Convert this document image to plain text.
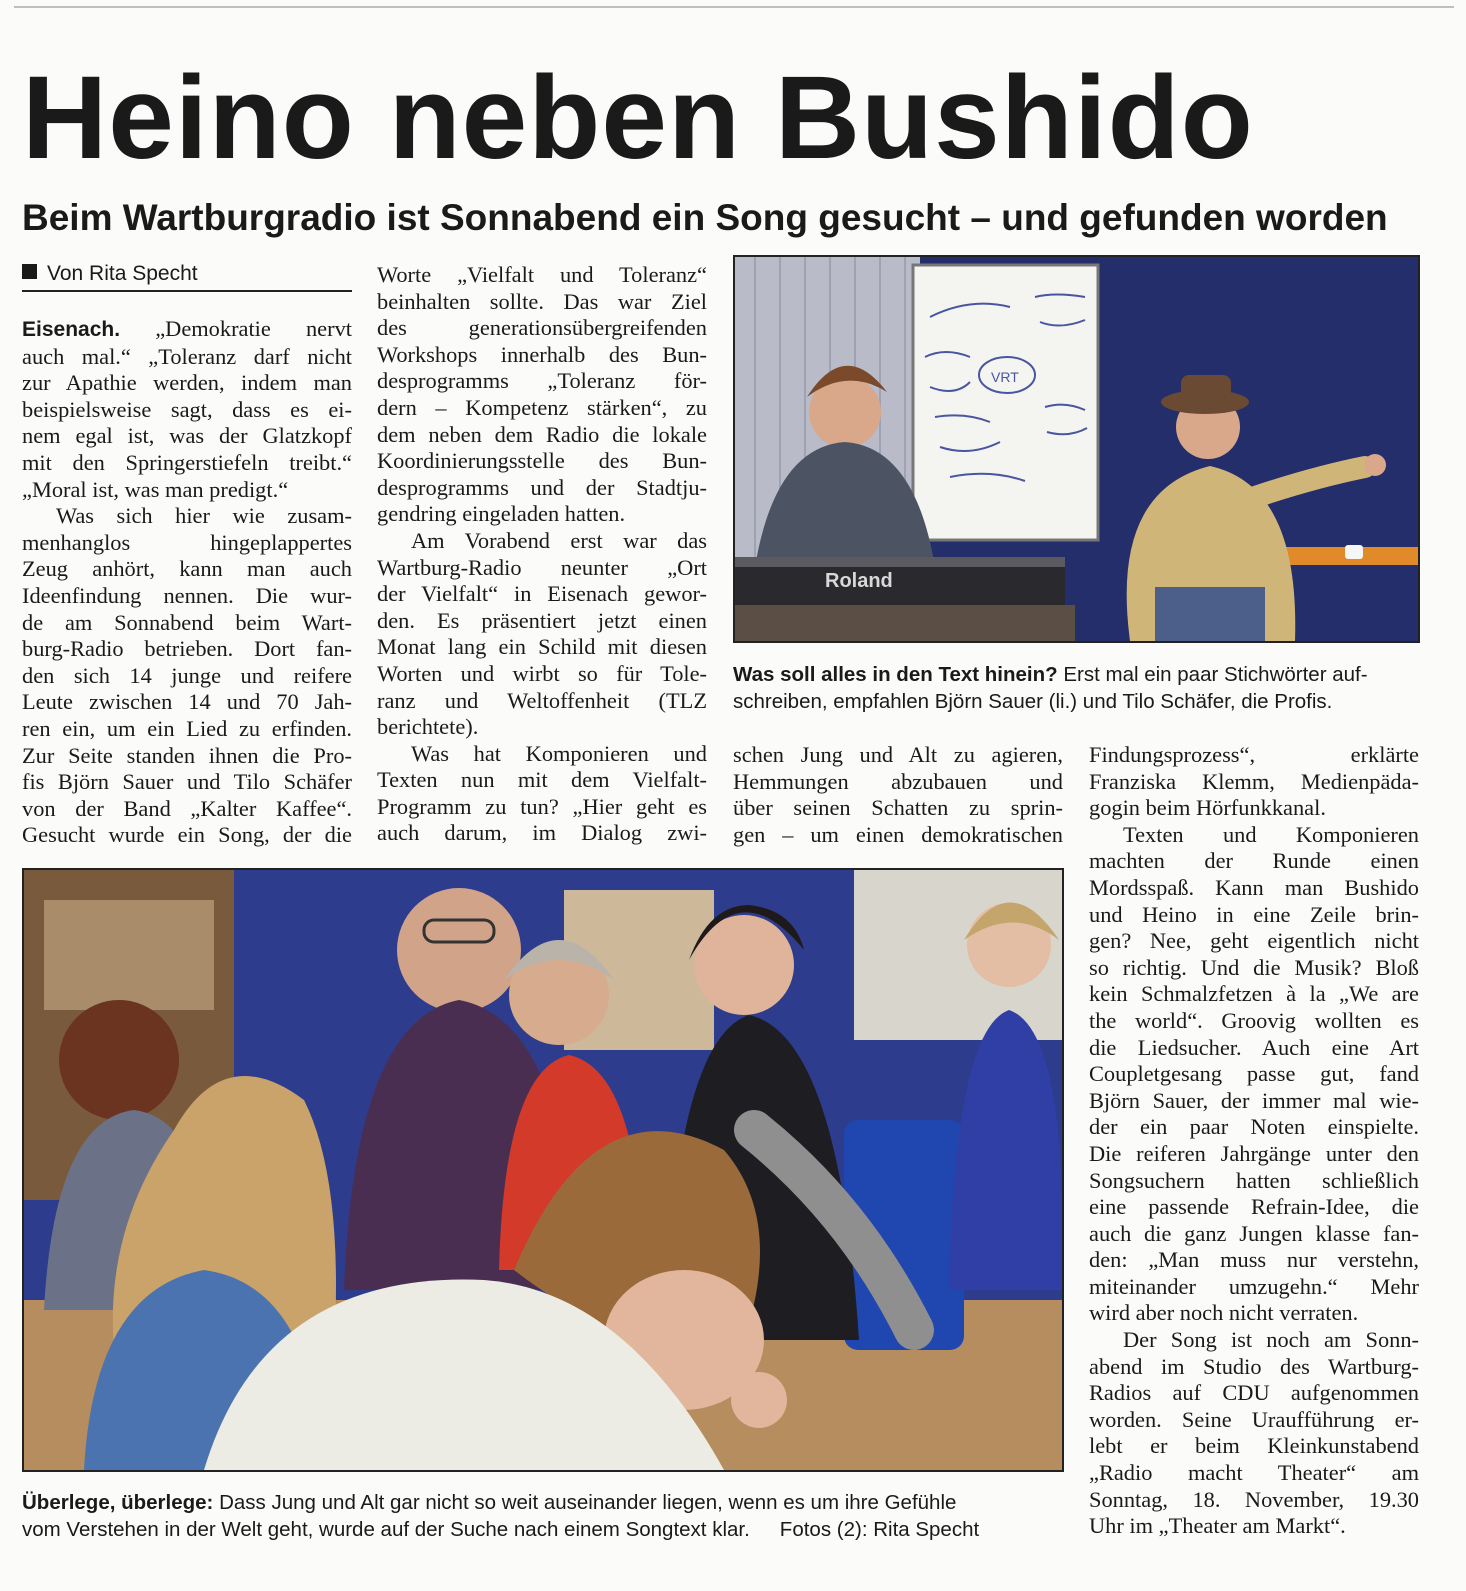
Heino neben Bushido
Beim Wartburgradio ist Sonnabend ein Song gesucht – und gefunden worden
Von Rita Specht

Eisenach. „Demokratie nervt

auch mal.“ „Toleranz darf nicht

zur Apathie werden, indem man

beispielsweise sagt, dass es ei-

nem egal ist, was der Glatzkopf

mit den Springerstiefeln treibt.“

„Moral ist, was man predigt.“

Was sich hier wie zusam-

menhanglos hingeplappertes

Zeug anhört, kann man auch

Ideenfindung nennen. Die wur-

de am Sonnabend beim Wart-

burg-Radio betrieben. Dort fan-

den sich 14 junge und reifere

Leute zwischen 14 und 70 Jah-

ren ein, um ein Lied zu erfinden.

Zur Seite standen ihnen die Pro-

fis Björn Sauer und Tilo Schäfer

von der Band „Kalter Kaffee“.

Gesucht wurde ein Song, der die

Worte „Vielfalt und Toleranz“

beinhalten sollte. Das war Ziel

des generationsübergreifenden

Workshops innerhalb des Bun-

desprogramms „Toleranz för-

dern – Kompetenz stärken“, zu

dem neben dem Radio die lokale

Koordinierungsstelle des Bun-

desprogramms und der Stadtju-

gendring eingeladen hatten.

Am Vorabend erst war das

Wartburg-Radio neunter „Ort

der Vielfalt“ in Eisenach gewor-

den. Es präsentiert jetzt einen

Monat lang ein Schild mit diesen

Worten und wirbt so für Tole-

ranz und Weltoffenheit (TLZ

berichtete).

Was hat Komponieren und

Texten nun mit dem Vielfalt-

Programm zu tun? „Hier geht es

auch darum, im Dialog zwi-

schen Jung und Alt zu agieren,

Hemmungen abzubauen und

über seinen Schatten zu sprin-

gen – um einen demokratischen

Findungsprozess“, erklärte

Franziska Klemm, Medienpäda-

gogin beim Hörfunkkanal.

Texten und Komponieren

machten der Runde einen

Mordsspaß. Kann man Bushido

und Heino in eine Zeile brin-

gen? Nee, geht eigentlich nicht

so richtig. Und die Musik? Bloß

kein Schmalzfetzen à la „We are

the world“. Groovig wollten es

die Liedsucher. Auch eine Art

Coupletgesang passe gut, fand

Björn Sauer, der immer mal wie-

der ein paar Noten einspielte.

Die reiferen Jahrgänge unter den

Songsuchern hatten schließlich

eine passende Refrain-Idee, die

auch die ganz Jungen klasse fan-

den: „Man muss nur verstehn,

miteinander umzugehn.“ Mehr

wird aber noch nicht verraten.

Der Song ist noch am Sonn-

abend im Studio des Wartburg-

Radios auf CDU aufgenommen

worden. Seine Uraufführung er-

lebt er beim Kleinkunstabend

„Radio macht Theater“ am

Sonntag, 18. November, 19.30

Uhr im „Theater am Markt“.

VRT
Roland

Was soll alles in den Text hinein? Erst mal ein paar Stichwörter auf-
schreiben, empfahlen Björn Sauer (li.) und Tilo Schäfer, die Profis.

Überlege, überlege: Dass Jung und Alt gar nicht so weit auseinander liegen, wenn es um ihre Gefühle
vom Verstehen in der Welt geht, wurde auf der Suche nach einem Songtext klar. Fotos (2): Rita Specht
